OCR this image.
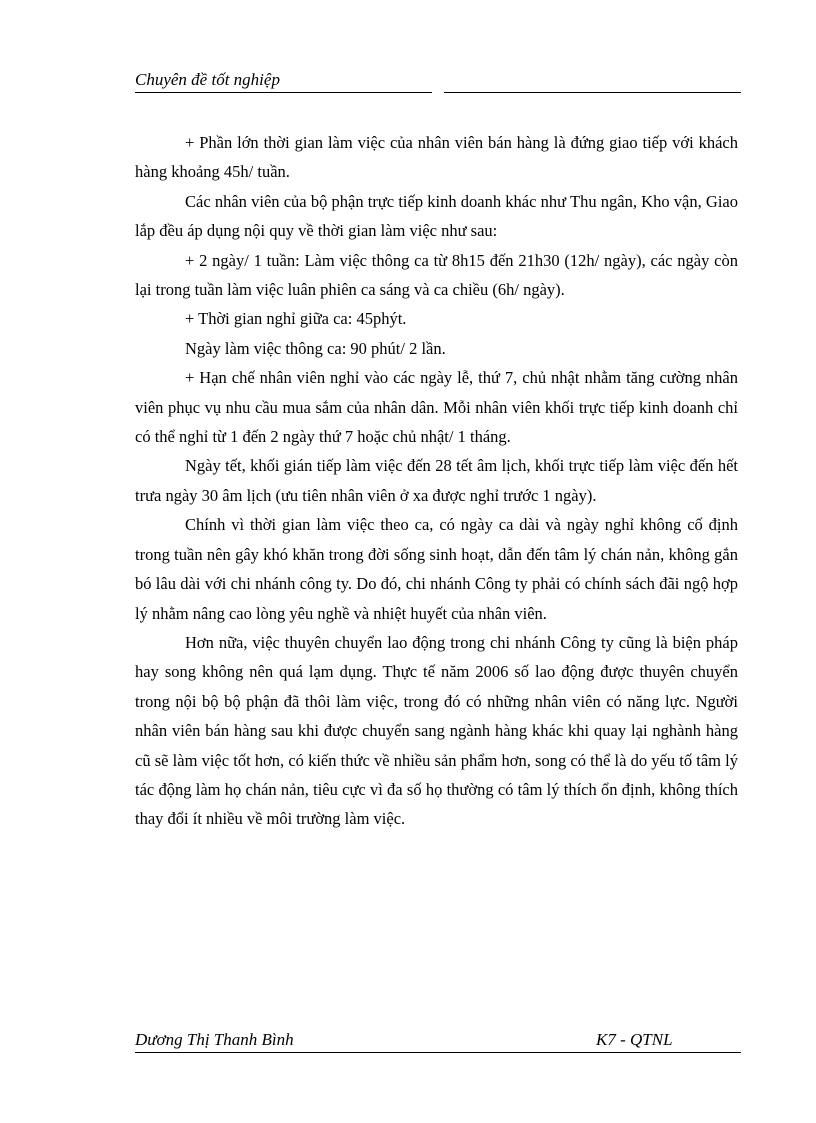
Chuyên đề tốt nghiệp

+ Phần lớn thời gian làm việc của nhân viên bán hàng là đứng giao tiếp với khách hàng khoảng 45h/ tuần.

Các nhân viên của bộ phận trực tiếp kinh doanh khác như Thu ngân, Kho vận, Giao lắp đều áp dụng nội quy về thời gian làm việc như sau:

+ 2 ngày/ 1 tuần: Làm việc thông ca từ 8h15 đến 21h30 (12h/ ngày), các ngày còn lại trong tuần làm việc luân phiên ca sáng và ca chiều (6h/ ngày).

+ Thời gian nghỉ giữa ca: 45phýt.

Ngày làm việc thông ca: 90 phút/ 2 lần.

+ Hạn chế nhân viên nghỉ vào các ngày lễ, thứ 7, chủ nhật nhằm tăng cường nhân viên phục vụ nhu cầu mua sắm của nhân dân. Mỗi nhân viên khối trực tiếp kinh doanh chỉ có thể nghỉ từ 1 đến 2 ngày thứ 7 hoặc chủ nhật/ 1 tháng.

Ngày tết, khối gián tiếp làm việc đến 28 tết âm lịch, khối trực tiếp làm việc đến hết trưa ngày 30 âm lịch (ưu tiên nhân viên ở xa được nghỉ trước 1 ngày).

Chính vì thời gian làm việc theo ca, có ngày ca dài và ngày nghỉ không cố định trong tuần nên gây khó khăn trong đời sống sinh hoạt, dẫn đến tâm lý chán nản, không gắn bó lâu dài với chi nhánh công ty. Do đó, chi nhánh Công ty phải có chính sách đãi ngộ hợp lý nhằm nâng cao lòng yêu nghề và nhiệt huyết của nhân viên.

Hơn nữa, việc thuyên chuyển lao động trong chi nhánh Công ty cũng là biện pháp hay song không nên quá lạm dụng. Thực tế năm 2006 số lao động được thuyên chuyển trong nội bộ bộ phận đã thôi làm việc, trong đó có những nhân viên có năng lực. Người nhân viên bán hàng sau khi được chuyển sang ngành hàng khác khi quay lại nghành hàng cũ sẽ làm việc tốt hơn, có kiến thức về nhiều sản phẩm hơn, song có thể là do yếu tố tâm lý tác động làm họ chán nản, tiêu cực vì đa số họ thường có tâm lý thích ổn định, không thích thay đổi ít nhiều về môi trường làm việc.

Dương Thị Thanh Bình	K7 - QTNL
